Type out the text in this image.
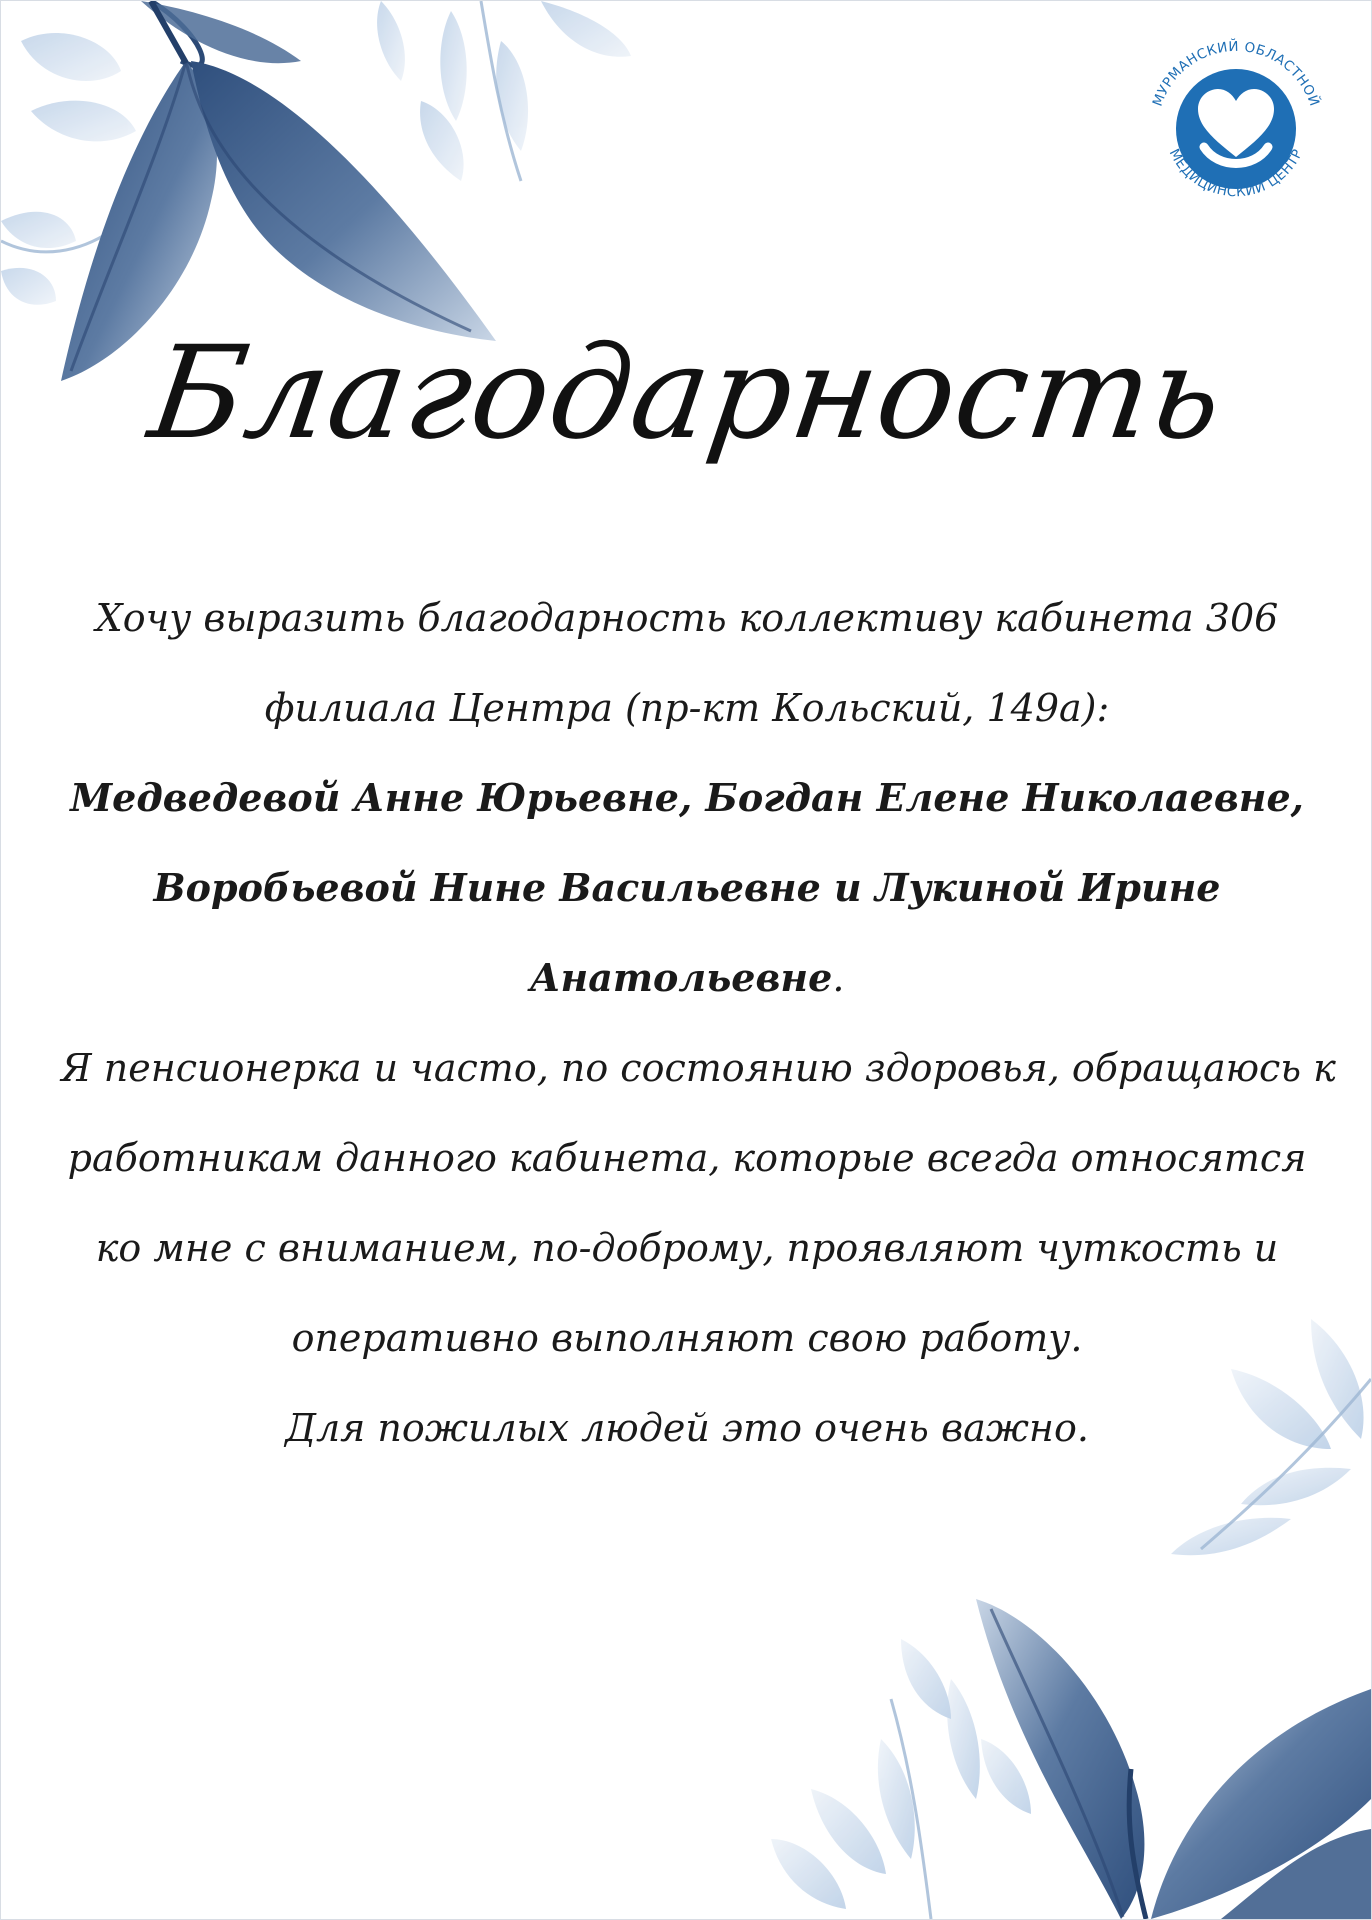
МУРМАНСКИЙ ОБЛАСТНОЙ
МЕДИЦИНСКИЙ ЦЕНТР
Благодарность
Хочу выразить благодарность коллективу кабинета 306
филиала Центра (пр-кт Кольский, 149а):
Медведевой Анне Юрьевне, Богдан Елене Николаевне,
Воробьевой Нине Васильевне и Лукиной Ирине
Анатольевне.
Я пенсионерка и часто, по состоянию здоровья, обращаюсь к
работникам данного кабинета, которые всегда относятся
ко мне с вниманием, по-доброму, проявляют чуткость и
оперативно выполняют свою работу.
Для пожилых людей это очень важно.
